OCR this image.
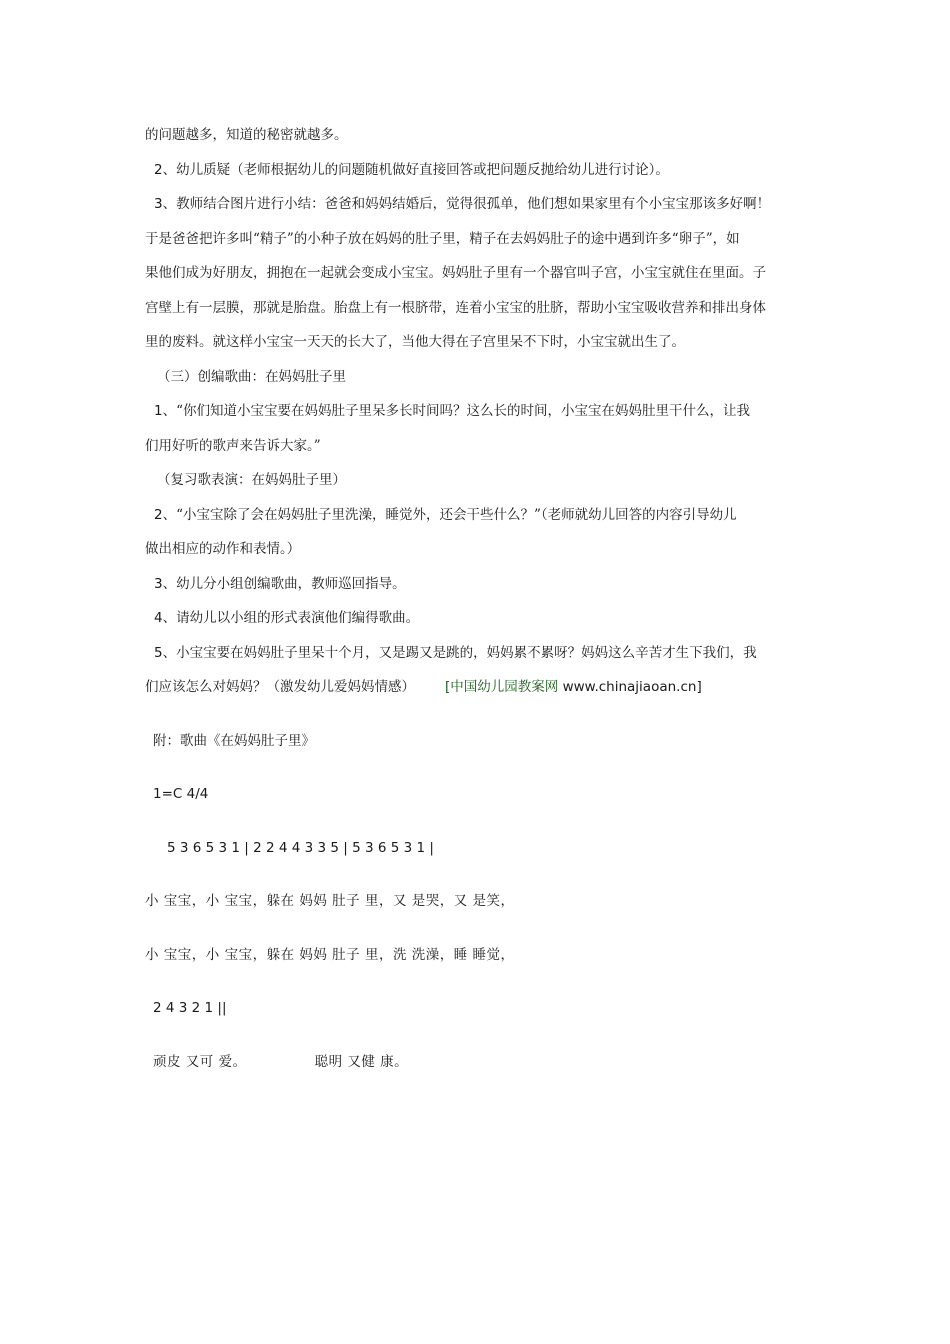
的问题越多，知道的秘密就越多。

2、幼儿质疑（老师根据幼儿的问题随机做好直接回答或把问题反抛给幼儿进行讨论）。

3、教师结合图片进行小结：爸爸和妈妈结婚后，觉得很孤单，他们想如果家里有个小宝宝那该多好啊！

于是爸爸把许多叫“精子”的小种子放在妈妈的肚子里，精子在去妈妈肚子的途中遇到许多“卵子”，如

果他们成为好朋友，拥抱在一起就会变成小宝宝。妈妈肚子里有一个器官叫子宫，小宝宝就住在里面。子

宫壁上有一层膜，那就是胎盘。胎盘上有一根脐带，连着小宝宝的肚脐，帮助小宝宝吸收营养和排出身体

里的废料。就这样小宝宝一天天的长大了，当他大得在子宫里呆不下时，小宝宝就出生了。

（三）创编歌曲：在妈妈肚子里

1、“你们知道小宝宝要在妈妈肚子里呆多长时间吗？这么长的时间，小宝宝在妈妈肚里干什么，让我

们用好听的歌声来告诉大家。”

（复习歌表演：在妈妈肚子里）

2、“小宝宝除了会在妈妈肚子里洗澡，睡觉外，还会干些什么？”（老师就幼儿回答的内容引导幼儿

做出相应的动作和表情。）

3、幼儿分小组创编歌曲，教师巡回指导。

4、请幼儿以小组的形式表演他们编得歌曲。

5、小宝宝要在妈妈肚子里呆十个月，又是踢又是跳的，妈妈累不累呀？妈妈这么辛苦才生下我们，我

们应该怎么对妈妈？（激发幼儿爱妈妈情感） [中国幼儿园教案网 www.chinajiaoan.cn]

附：歌曲《在妈妈肚子里》

1=C 4/4

5 3 6 5 3 1 | 2 2 4 4 3 3 5 | 5 3 6 5 3 1 |

小 宝宝，小 宝宝，躲在 妈妈 肚子 里，又 是哭，又 是笑，

小 宝宝，小 宝宝，躲在 妈妈 肚子 里，洗 洗澡，睡 睡觉，

2 4 3 2 1 ||

顽皮 又可 爱。	聪明 又健 康。
